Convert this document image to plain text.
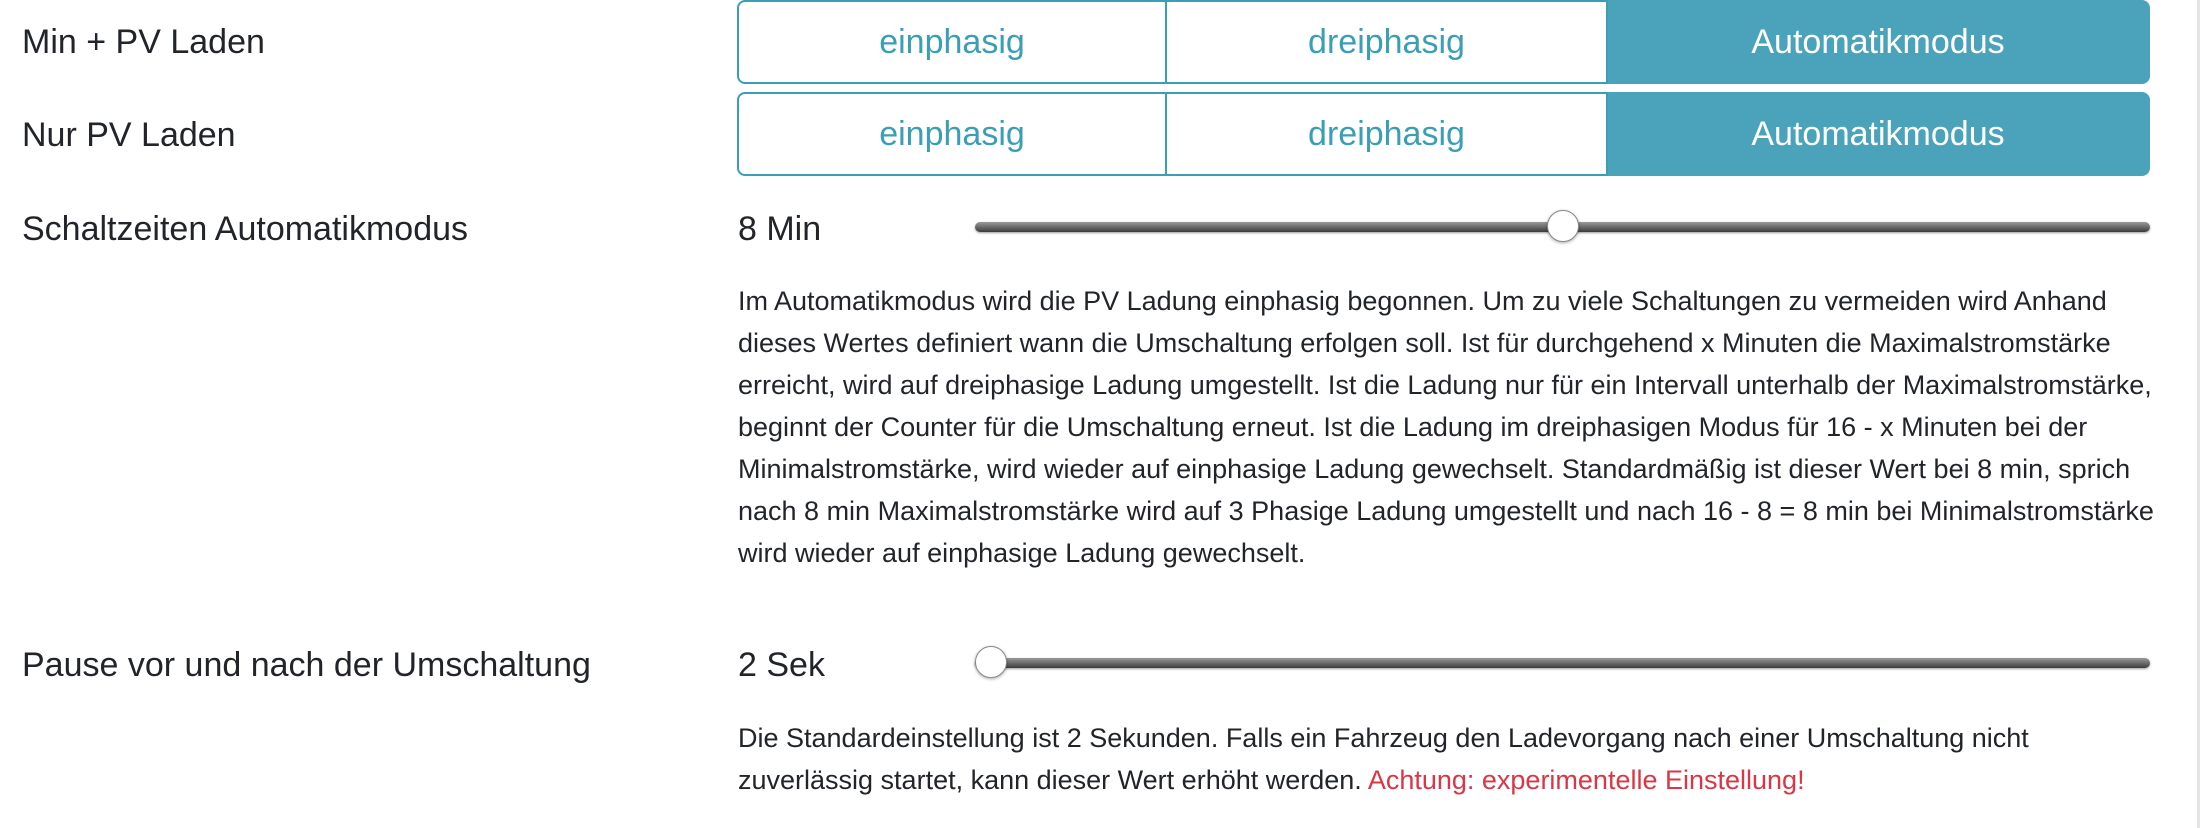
Min + PV Laden	einphasig	dreiphasig	Automatikmodus
Nur PV Laden	einphasig	dreiphasig	Automatikmodus
Schaltzeiten Automatikmodus	8 Min
Im Automatikmodus wird die PV Ladung einphasig begonnen. Um zu viele Schaltungen zu vermeiden wird Anhand dieses Wertes definiert wann die Umschaltung erfolgen soll. Ist für durchgehend x Minuten die Maximalstromstärke erreicht, wird auf dreiphasige Ladung umgestellt. Ist die Ladung nur für ein Intervall unterhalb der Maximalstromstärke, beginnt der Counter für die Umschaltung erneut. Ist die Ladung im dreiphasigen Modus für 16 - x Minuten bei der Minimalstromstärke, wird wieder auf einphasige Ladung gewechselt. Standardmäßig ist dieser Wert bei 8 min, sprich nach 8 min Maximalstromstärke wird auf 3 Phasige Ladung umgestellt und nach 16 - 8 = 8 min bei Minimalstromstärke wird wieder auf einphasige Ladung gewechselt.
Pause vor und nach der Umschaltung	2 Sek
Die Standardeinstellung ist 2 Sekunden. Falls ein Fahrzeug den Ladevorgang nach einer Umschaltung nicht zuverlässig startet, kann dieser Wert erhöht werden. Achtung: experimentelle Einstellung!
